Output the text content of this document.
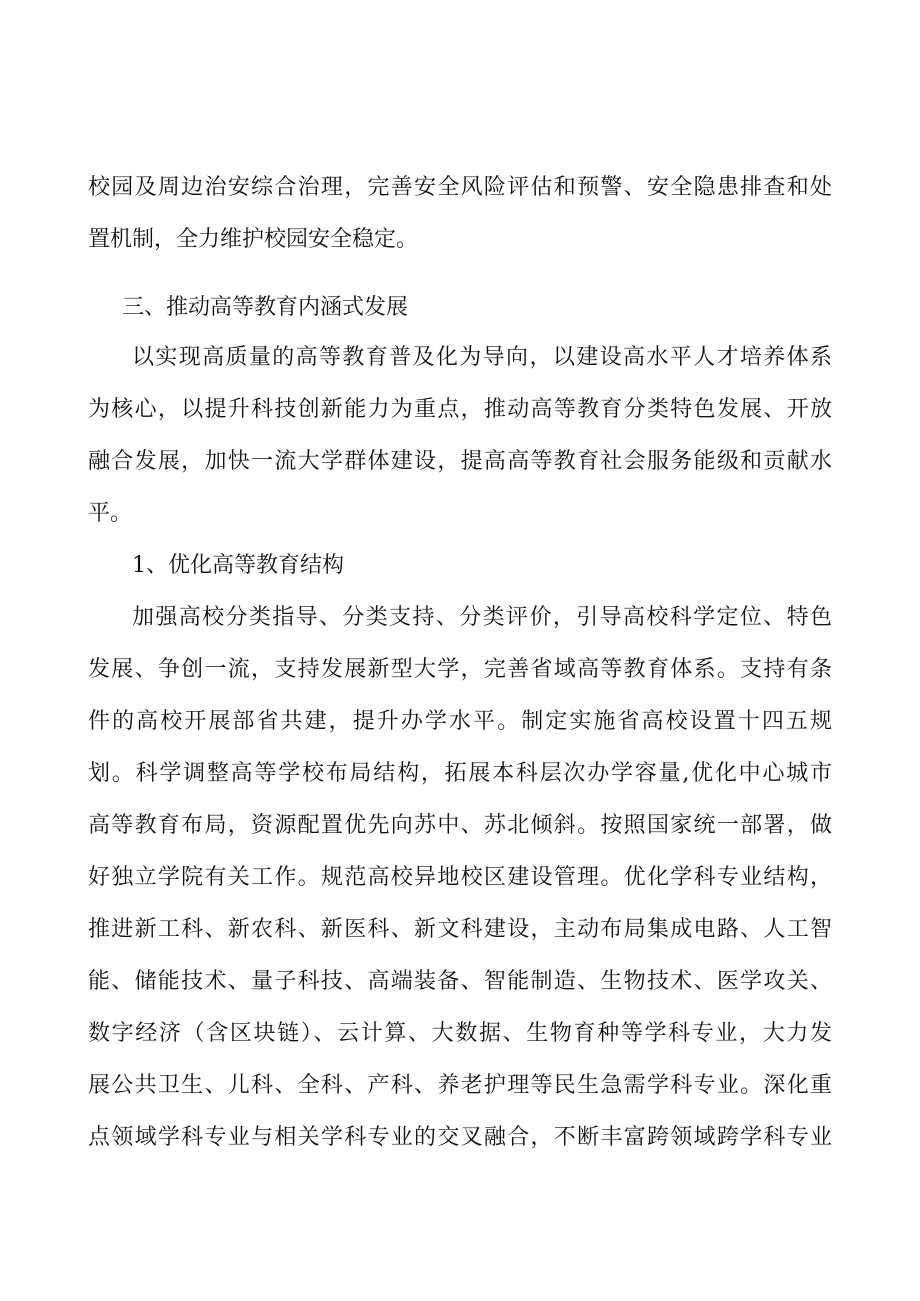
校园及周边治安综合治理，完善安全风险评估和预警、安全隐患排查和处
置机制，全力维护校园安全稳定。
三、推动高等教育内涵式发展
以实现高质量的高等教育普及化为导向，以建设高水平人才培养体系
为核心，以提升科技创新能力为重点，推动高等教育分类特色发展、开放
融合发展，加快一流大学群体建设，提高高等教育社会服务能级和贡献水
平。
1、优化高等教育结构
加强高校分类指导、分类支持、分类评价，引导高校科学定位、特色
发展、争创一流，支持发展新型大学，完善省域高等教育体系。支持有条
件的高校开展部省共建，提升办学水平。制定实施省高校设置十四五规
划。科学调整高等学校布局结构，拓展本科层次办学容量,优化中心城市
高等教育布局，资源配置优先向苏中、苏北倾斜。按照国家统一部署，做
好独立学院有关工作。规范高校异地校区建设管理。优化学科专业结构，
推进新工科、新农科、新医科、新文科建设，主动布局集成电路、人工智
能、储能技术、量子科技、高端装备、智能制造、生物技术、医学攻关、
数字经济（含区块链）、云计算、大数据、生物育种等学科专业，大力发
展公共卫生、儿科、全科、产科、养老护理等民生急需学科专业。深化重
点领域学科专业与相关学科专业的交叉融合，不断丰富跨领域跨学科专业
